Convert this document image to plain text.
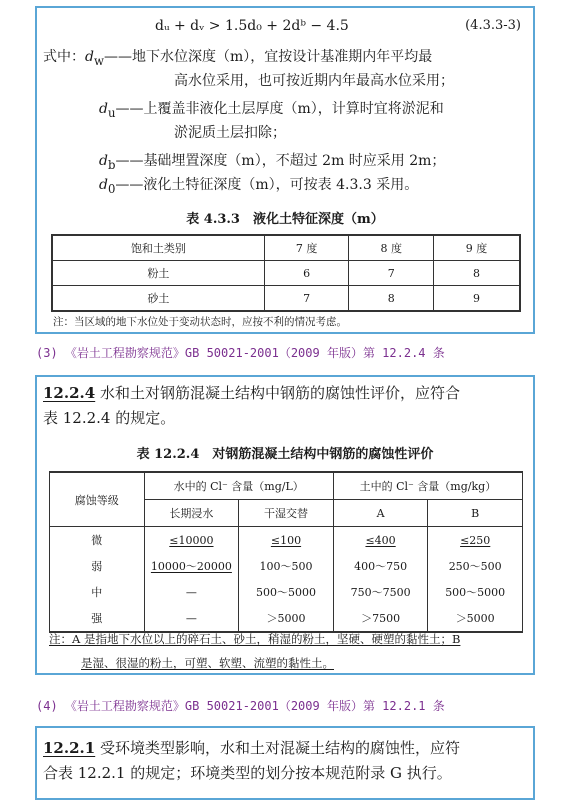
dᵤ + dᵥ > 1.5d₀ + 2dᵇ − 4.5	(4.3.3-3)
式中：$d_w——$地下水位深度（m），宜按设计基准期内年平均最
高水位采用，也可按近期内年最高水位采用；
$d_u——$上覆盖非液化土层厚度（m），计算时宜将淤泥和
淤泥质土层扣除；
$d_b——$基础埋置深度（m），不超过 2m 时应采用 2m；
$d_0——$液化土特征深度（m），可按表 4.3.3 采用。
表 4.3.3　液化土特征深度（m）
饱和土类别	7 度	8 度	9 度
粉土	6	7	8
砂土	7	8	9
注：当区域的地下水位处于变动状态时，应按不利的情况考虑。
(3) 《岩土工程勘察规范》GB 50021-2001（2009 年版）第 12.2.4 条
12.2.4 水和土对钢筋混凝土结构中钢筋的腐蚀性评价，应符合
表 12.2.4 的规定。
表 12.2.4　对钢筋混凝土结构中钢筋的腐蚀性评价
腐蚀等级	水中的 Cl⁻ 含量（mg/L）		土中的 Cl⁻ 含量（mg/kg）	
	长期浸水	干湿交替	A	B
微	≤10000	≤100	≤400	≤250
弱	10000～20000	100～500	400～750	250～500
中	—	500～5000	750～7500	500～5000
强	—	＞5000	＞7500	＞5000
注：A 是指地下水位以上的碎石土、砂土，稍湿的粉土，坚硬、硬塑的黏性土；B
是湿、很湿的粉土，可塑、软塑、流塑的黏性土。
(4) 《岩土工程勘察规范》GB 50021-2001（2009 年版）第 12.2.1 条
12.2.1 受环境类型影响，水和土对混凝土结构的腐蚀性，应符
合表 12.2.1 的规定；环境类型的划分按本规范附录 G 执行。
